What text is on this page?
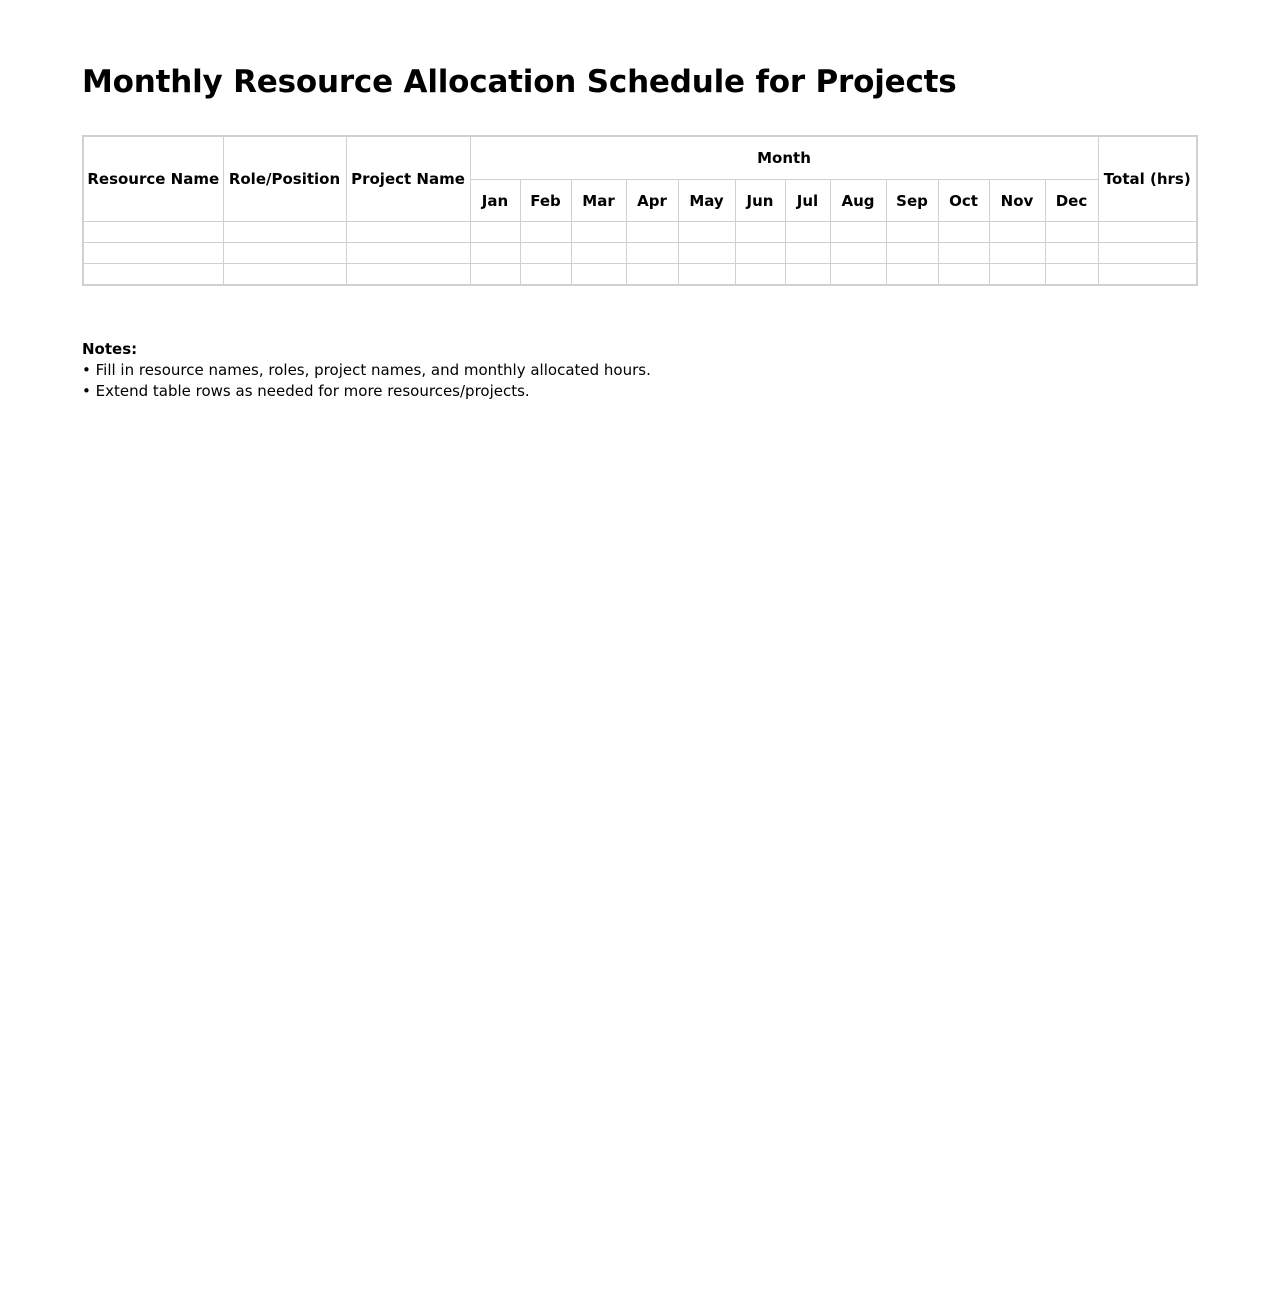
Monthly Resource Allocation Schedule for Projects
Resource Name	Role/Position	Project Name	Month												Total (hrs)
			Jan	Feb	Mar	Apr	May	Jun	Jul	Aug	Sep	Oct	Nov	Dec	

Notes:
• Fill in resource names, roles, project names, and monthly allocated hours.
• Extend table rows as needed for more resources/projects.
